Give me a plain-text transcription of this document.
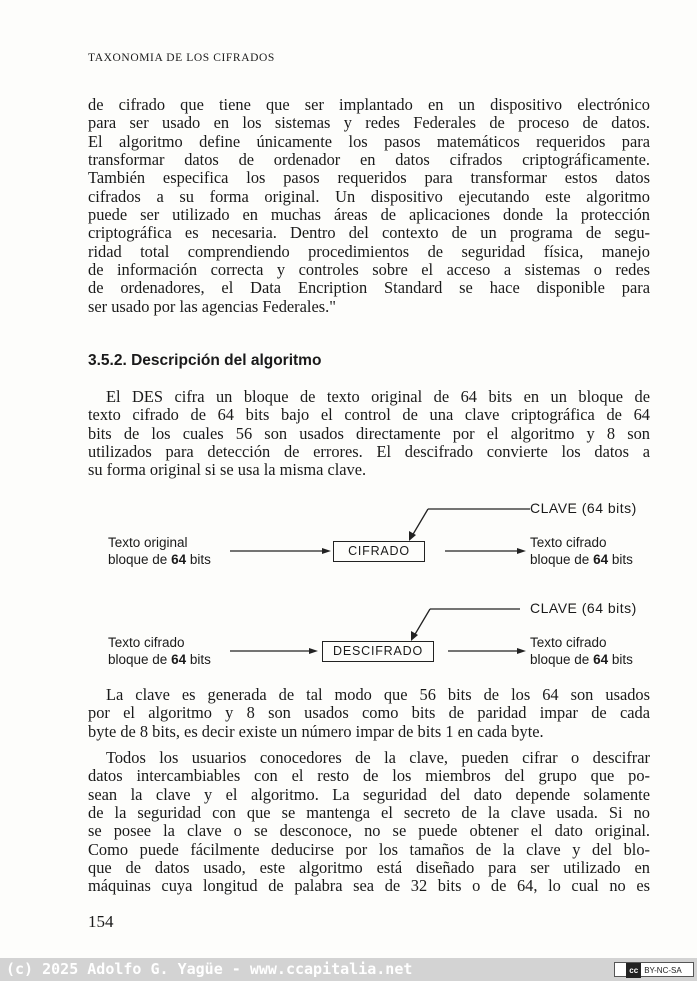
TAXONOMIA DE LOS CIFRADOS
de cifrado que tiene que ser implantado en un dispositivo electrónico
para ser usado en los sistemas y redes Federales de proceso de datos.
El algoritmo define únicamente los pasos matemáticos requeridos para
transformar datos de ordenador en datos cifrados criptográficamente.
También especifica los pasos requeridos para transformar estos datos
cifrados a su forma original. Un dispositivo ejecutando este algoritmo
puede ser utilizado en muchas áreas de aplicaciones donde la protección
criptográfica es necesaria. Dentro del contexto de un programa de segu-
ridad total comprendiendo procedimientos de seguridad física, manejo
de información correcta y controles sobre el acceso a sistemas o redes
de ordenadores, el Data Encription Standard se hace disponible para
ser usado por las agencias Federales."
3.5.2. Descripción del algoritmo
El DES cifra un bloque de texto original de 64 bits en un bloque de
texto cifrado de 64 bits bajo el control de una clave criptográfica de 64
bits de los cuales 56 son usados directamente por el algoritmo y 8 son
utilizados para detección de errores. El descifrado convierte los datos a
su forma original si se usa la misma clave.
CLAVE (64 bits)
Texto original
bloque de 64 bits
CIFRADO
Texto cifrado
bloque de 64 bits
CLAVE (64 bits)
Texto cifrado
bloque de 64 bits
DESCIFRADO
Texto cifrado
bloque de 64 bits
La clave es generada de tal modo que 56 bits de los 64 son usados
por el algoritmo y 8 son usados como bits de paridad impar de cada
byte de 8 bits, es decir existe un número impar de bits 1 en cada byte.
Todos los usuarios conocedores de la clave, pueden cifrar o descifrar
datos intercambiables con el resto de los miembros del grupo que po-
sean la clave y el algoritmo. La seguridad del dato depende solamente
de la seguridad con que se mantenga el secreto de la clave usada. Si no
se posee la clave o se desconoce, no se puede obtener el dato original.
Como puede fácilmente deducirse por los tamaños de la clave y del blo-
que de datos usado, este algoritmo está diseñado para ser utilizado en
máquinas cuya longitud de palabra sea de 32 bits o de 64, lo cual no es
154
(c) 2025 Adolfo G. Yagüe - www.ccapitalia.net	cc BY-NC-SA
